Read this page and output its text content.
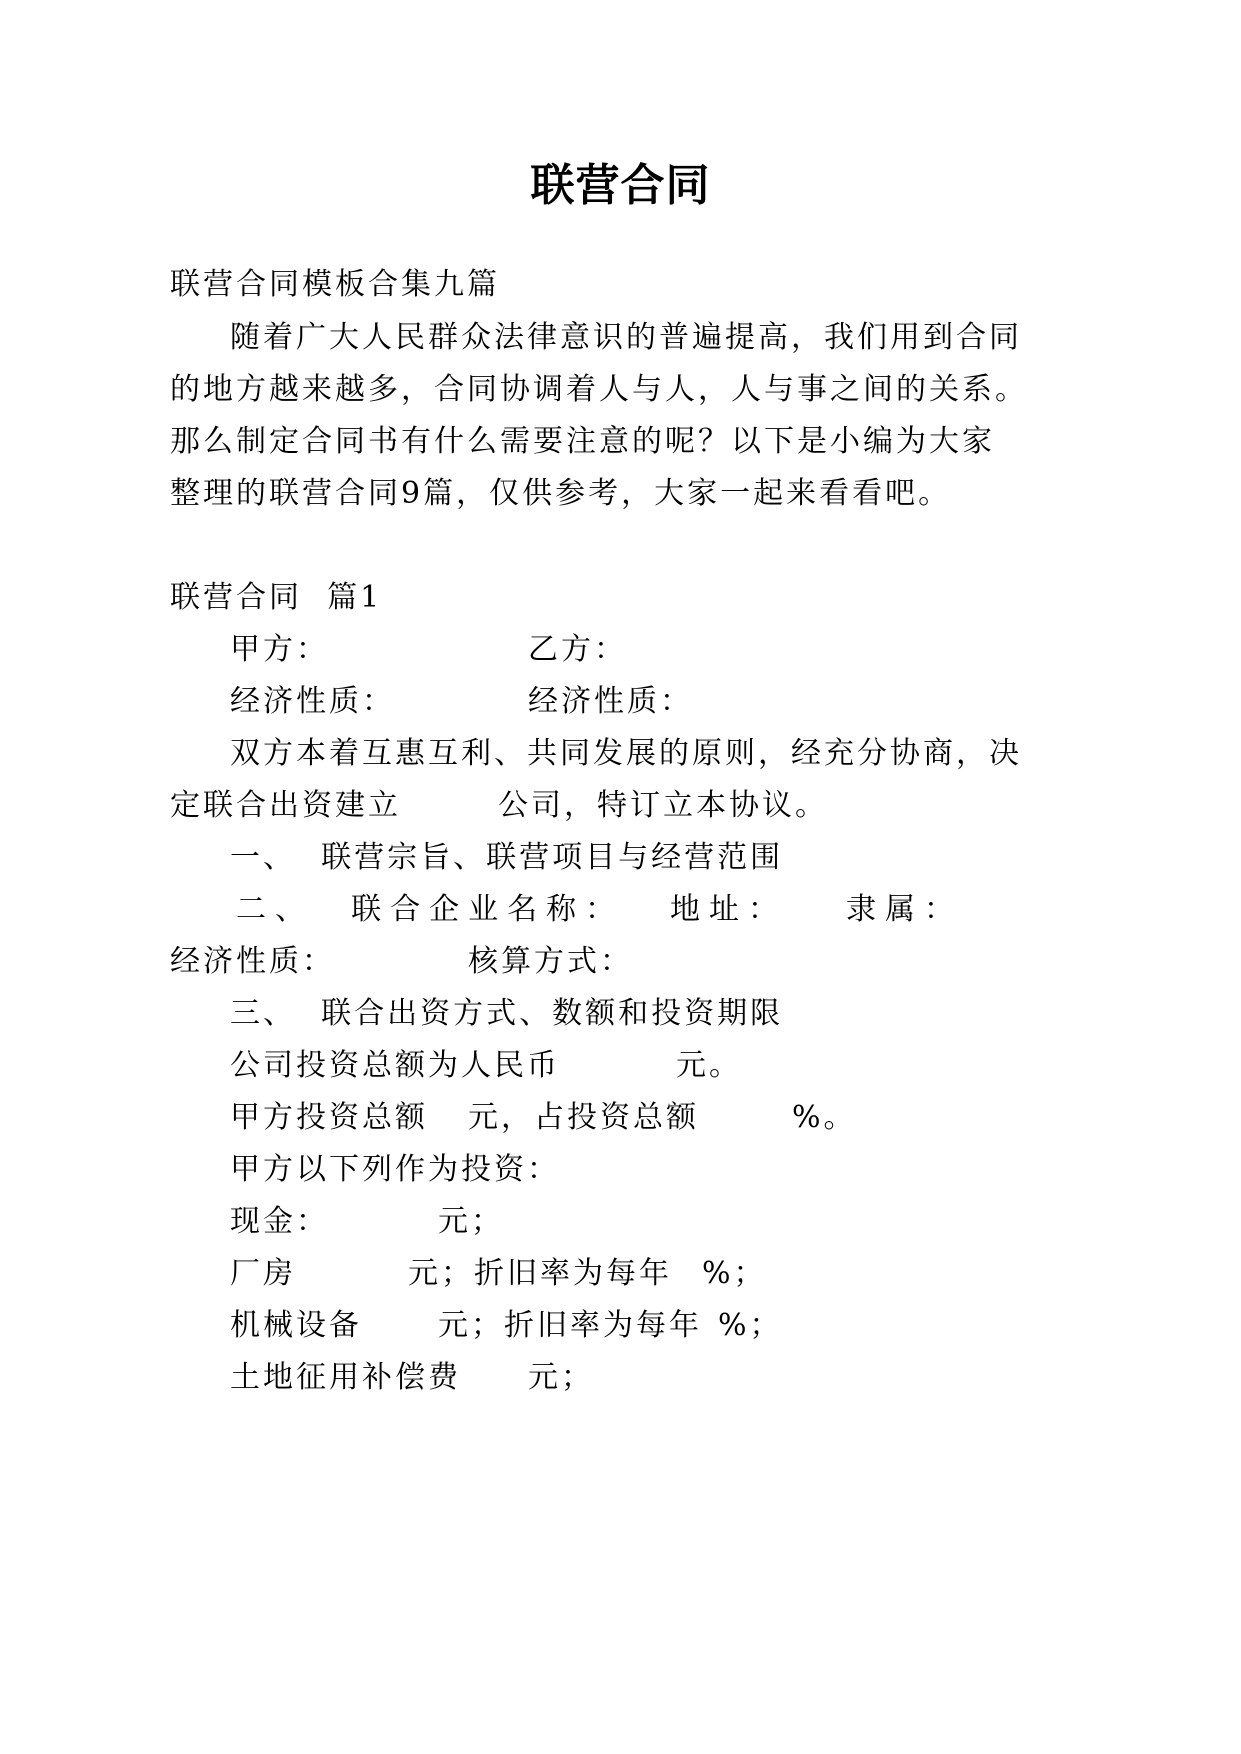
联营合同
联营合同模板合集九篇
随着广大人民群众法律意识的普遍提高，我们用到合同
的地方越来越多，合同协调着人与人，人与事之间的关系。
那么制定合同书有什么需要注意的呢？以下是小编为大家
整理的联营合同9篇，仅供参考，大家一起来看看吧。
联营合同  篇1
甲方：	乙方：
经济性质：	经济性质：
双方本着互惠互利、共同发展的原则，经充分协商，决
定联合出资建立	公司，特订立本协议。
一、  联营宗旨、联营项目与经营范围
二、  联合企业名称： 地址： 隶属：
经济性质：	核算方式：
三、  联合出资方式、数额和投资期限
公司投资总额为人民币	元。
甲方投资总额 元，占投资总额	%。
甲方以下列作为投资：
现金：	元；
厂房	元；折旧率为每年 %；
机械设备	元；折旧率为每年 %；
土地征用补偿费 元；
